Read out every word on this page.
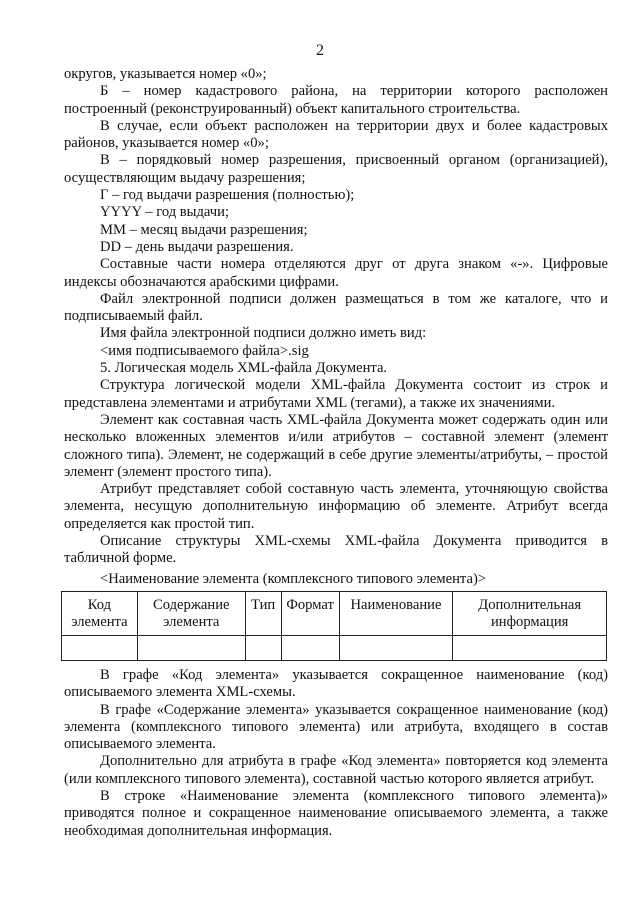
2

округов, указывается номер «0»;

Б – номер кадастрового района, на территории которого расположен построенный (реконструированный) объект капитального строительства.

В случае, если объект расположен на территории двух и более кадастровых районов, указывается номер «0»;

В – порядковый номер разрешения, присвоенный органом (организацией), осуществляющим выдачу разрешения;

Г – год выдачи разрешения (полностью);

YYYY – год выдачи;

MM – месяц выдачи разрешения;

DD – день выдачи разрешения.

Составные части номера отделяются друг от друга знаком «-». Цифровые индексы обозначаются арабскими цифрами.

Файл электронной подписи должен размещаться в том же каталоге, что и подписываемый файл.

Имя файла электронной подписи должно иметь вид:

<имя подписываемого файла>.sig

5. Логическая модель XML-файла Документа.

Структура логической модели XML-файла Документа состоит из строк и представлена элементами и атрибутами XML (тегами), а также их значениями.

Элемент как составная часть XML-файла Документа может содержать один или несколько вложенных элементов и/или атрибутов – составной элемент (элемент сложного типа). Элемент, не содержащий в себе другие элементы/атрибуты, – простой элемент (элемент простого типа).

Атрибут представляет собой составную часть элемента, уточняющую свойства элемента, несущую дополнительную информацию об элементе. Атрибут всегда определяется как простой тип.

Описание структуры XML-схемы XML-файла Документа приводится в табличной форме.

<Наименование элемента (комплексного типового элемента)>
Код элемента	Содержание элемента	Тип	Формат	Наименование	Дополнительная информация

В графе «Код элемента» указывается сокращенное наименование (код) описываемого элемента XML-схемы.

В графе «Содержание элемента» указывается сокращенное наименование (код) элемента (комплексного типового элемента) или атрибута, входящего в состав описываемого элемента.

Дополнительно для атрибута в графе «Код элемента» повторяется код элемента (или комплексного типового элемента), составной частью которого является атрибут.

В строке «Наименование элемента (комплексного типового элемента)» приводятся полное и сокращенное наименование описываемого элемента, а также необходимая дополнительная информация.
